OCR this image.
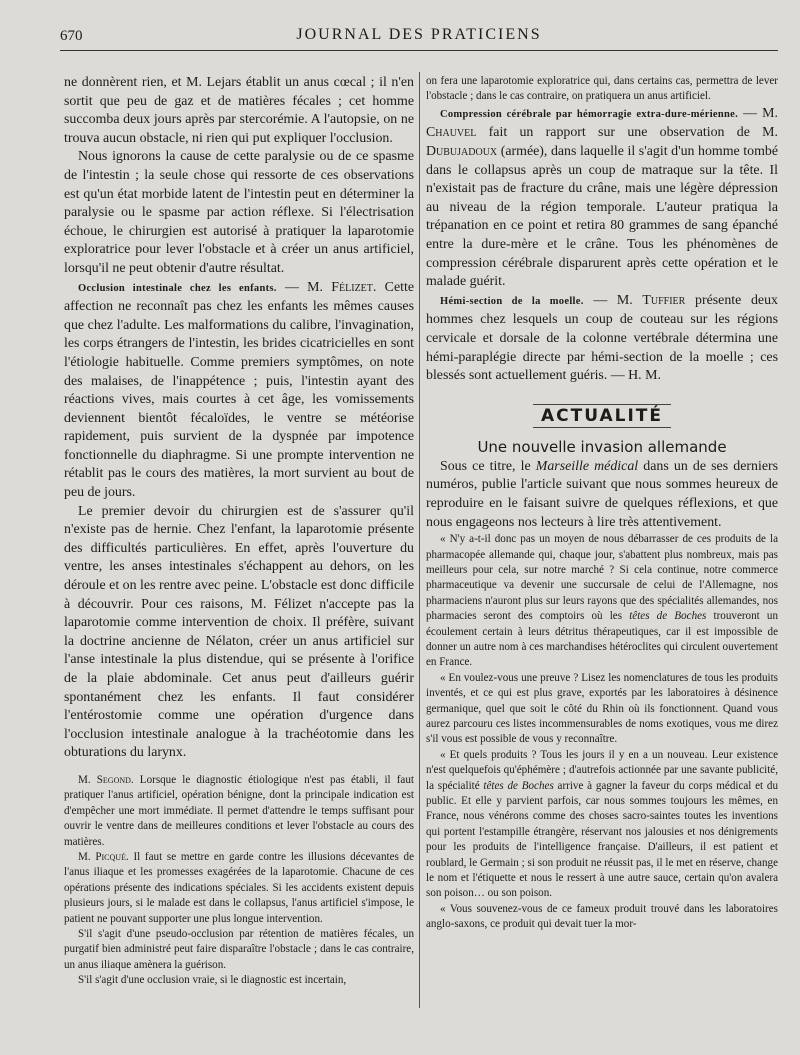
670	JOURNAL DES PRATICIENS

ne donnèrent rien, et M. Lejars établit un anus cœcal ; il n'en sortit que peu de gaz et de matières fécales ; cet homme succomba deux jours après par stercorémie. A l'autopsie, on ne trouva aucun obstacle, ni rien qui put expliquer l'occlusion.

Nous ignorons la cause de cette paralysie ou de ce spasme de l'intestin ; la seule chose qui ressorte de ces observations est qu'un état morbide latent de l'intestin peut en déterminer la paralysie ou le spasme par action réflexe. Si l'électrisation échoue, le chirurgien est autorisé à pratiquer la laparotomie exploratrice pour lever l'obstacle et à créer un anus artificiel, lorsqu'il ne peut obtenir d'autre résultat.

Occlusion intestinale chez les enfants. — M. Félizet. Cette affection ne reconnaît pas chez les enfants les mêmes causes que chez l'adulte. Les malformations du calibre, l'invagination, les corps étrangers de l'intestin, les brides cicatricielles en sont l'étiologie habituelle. Comme premiers symptômes, on note des malaises, de l'inappétence ; puis, l'intestin ayant des réactions vives, mais courtes à cet âge, les vomissements deviennent bientôt fécaloïdes, le ventre se météorise rapidement, puis survient de la dyspnée par impotence fonctionnelle du diaphragme. Si une prompte intervention ne rétablit pas le cours des matières, la mort survient au bout de peu de jours.

Le premier devoir du chirurgien est de s'assurer qu'il n'existe pas de hernie. Chez l'enfant, la laparotomie présente des difficultés particulières. En effet, après l'ouverture du ventre, les anses intestinales s'échappent au dehors, on les déroule et on les rentre avec peine. L'obstacle est donc difficile à découvrir. Pour ces raisons, M. Félizet n'accepte pas la laparotomie comme intervention de choix. Il préfère, suivant la doctrine ancienne de Nélaton, créer un anus artificiel sur l'anse intestinale la plus distendue, qui se présente à l'orifice de la plaie abdominale. Cet anus peut d'ailleurs guérir spontanément chez les enfants. Il faut considérer l'entérostomie comme une opération d'urgence dans l'occlusion intestinale analogue à la trachéotomie dans les obturations du larynx.

M. Segond. Lorsque le diagnostic étiologique n'est pas établi, il faut pratiquer l'anus artificiel, opération bénigne, dont la principale indication est d'empêcher une mort immédiate. Il permet d'attendre le temps suffisant pour ouvrir le ventre dans de meilleures conditions et lever l'obstacle au cours des matières.

M. Picqué. Il faut se mettre en garde contre les illusions décevantes de l'anus iliaque et les promesses exagérées de la laparotomie. Chacune de ces opérations présente des indications spéciales. Si les accidents existent depuis plusieurs jours, si le malade est dans le collapsus, l'anus artificiel s'impose, le patient ne pouvant supporter une plus longue intervention.

S'il s'agit d'une pseudo-occlusion par rétention de matières fécales, un purgatif bien administré peut faire disparaître l'obstacle ; dans le cas contraire, un anus iliaque amènera la guérison.

S'il s'agit d'une occlusion vraie, si le diagnostic est incertain,

on fera une laparotomie exploratrice qui, dans certains cas, permettra de lever l'obstacle ; dans le cas contraire, on pratiquera un anus artificiel.

Compression cérébrale par hémorragie extra-dure-mérienne. — M. Chauvel fait un rapport sur une observation de M. Dubujadoux (armée), dans laquelle il s'agit d'un homme tombé dans le collapsus après un coup de matraque sur la tête. Il n'existait pas de fracture du crâne, mais une légère dépression au niveau de la région temporale. L'auteur pratiqua la trépanation en ce point et retira 80 grammes de sang épanché entre la dure-mère et le crâne. Tous les phénomènes de compression cérébrale disparurent après cette opération et le malade guérit.

Hémi-section de la moelle. — M. Tuffier présente deux hommes chez lesquels un coup de couteau sur les régions cervicale et dorsale de la colonne vertébrale détermina une hémi-paraplégie directe par hémi-section de la moelle ; ces blessés sont actuellement guéris. — H. M.

ACTUALITÉ
Une nouvelle invasion allemande

Sous ce titre, le Marseille médical dans un de ses derniers numéros, publie l'article suivant que nous sommes heureux de reproduire en le faisant suivre de quelques réflexions, et que nous engageons nos lecteurs à lire très attentivement.

« N'y a-t-il donc pas un moyen de nous débarrasser de ces produits de la pharmacopée allemande qui, chaque jour, s'abattent plus nombreux, mais pas meilleurs pour cela, sur notre marché ? Si cela continue, notre commerce pharmaceutique va devenir une succursale de celui de l'Allemagne, nos pharmaciens n'auront plus sur leurs rayons que des spécialités allemandes, nos pharmacies seront des comptoirs où les têtes de Boches trouveront un écoulement certain à leurs détritus thérapeutiques, car il est impossible de donner un autre nom à ces marchandises hétéroclites qui circulent ouvertement en France.

« En voulez-vous une preuve ? Lisez les nomenclatures de tous les produits inventés, et ce qui est plus grave, exportés par les laboratoires à désinence germanique, quel que soit le côté du Rhin où ils fonctionnent. Quand vous aurez parcouru ces listes incommensurables de noms exotiques, vous me direz s'il vous est possible de vous y reconnaître.

« Et quels produits ? Tous les jours il y en a un nouveau. Leur existence n'est quelquefois qu'éphémère ; d'autrefois actionnée par une savante publicité, la spécialité têtes de Boches arrive à gagner la faveur du corps médical et du public. Et elle y parvient parfois, car nous sommes toujours les mêmes, en France, nous vénérons comme des choses sacro-saintes toutes les inventions qui portent l'estampille étrangère, réservant nos jalousies et nos dénigrements pour les produits de l'intelligence française. D'ailleurs, il est patient et roublard, le Germain ; si son produit ne réussit pas, il le met en réserve, change le nom et l'étiquette et nous le ressert à une autre sauce, certain qu'on avalera son poison… ou son poison.

« Vous souvenez-vous de ce fameux produit trouvé dans les laboratoires anglo-saxons, ce produit qui devait tuer la mor-
